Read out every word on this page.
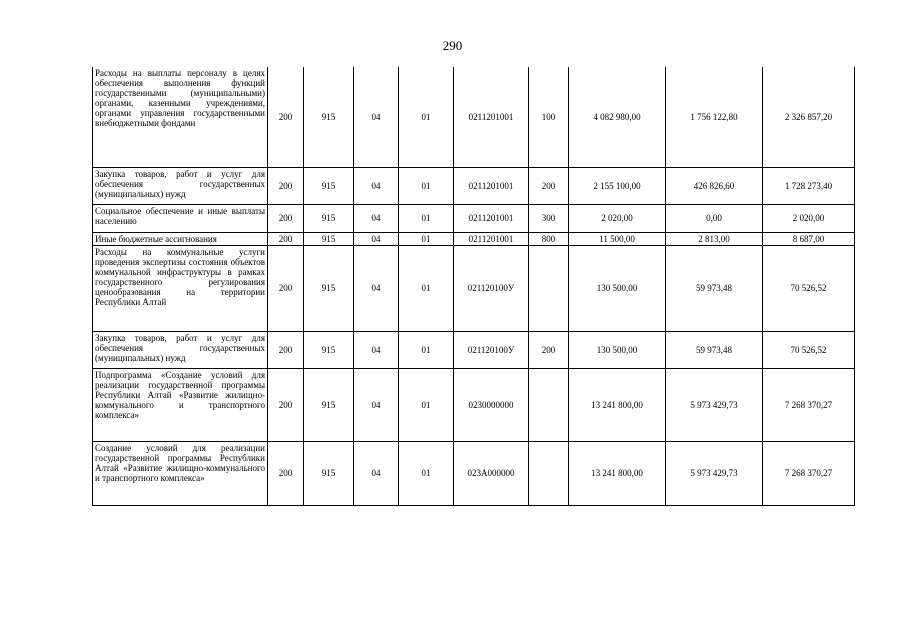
290
Расходы на выплаты персоналу в целях обеспечения выполнения функций государственными (муниципальными) органами, казенными учреждениями, органами управления государственными внебюджетными фондами	200	915	04	01	0211201001	100	4 082 980,00	1 756 122,80	2 326 857,20
Закупка товаров, работ и услуг для обеспечения государственных (муниципальных) нужд	200	915	04	01	0211201001	200	2 155 100,00	426 826,60	1 728 273,40
Социальное обеспечение и иные выплаты населению	200	915	04	01	0211201001	300	2 020,00	0,00	2 020,00
Иные бюджетные ассигнования	200	915	04	01	0211201001	800	11 500,00	2 813,00	8 687,00
Расходы на коммунальные услуги проведения экспертизы состояния объектов коммунальной инфраструктуры в рамках государственного регулирования ценообразования на территории Республики Алтай	200	915	04	01	021120100У		130 500,00	59 973,48	70 526,52
Закупка товаров, работ и услуг для обеспечения государственных (муниципальных) нужд	200	915	04	01	021120100У	200	130 500,00	59 973,48	70 526,52
Подпрограмма «Создание условий для реализации государственной программы Республики Алтай «Развитие жилищно-коммунального и транспортного комплекса»	200	915	04	01	0230000000		13 241 800,00	5 973 429,73	7 268 370,27
Создание условий для реализации государственной программы Республики Алтай «Развитие жилищно-коммунального и транспортного комплекса»	200	915	04	01	023А000000		13 241 800,00	5 973 429,73	7 268 370,27
